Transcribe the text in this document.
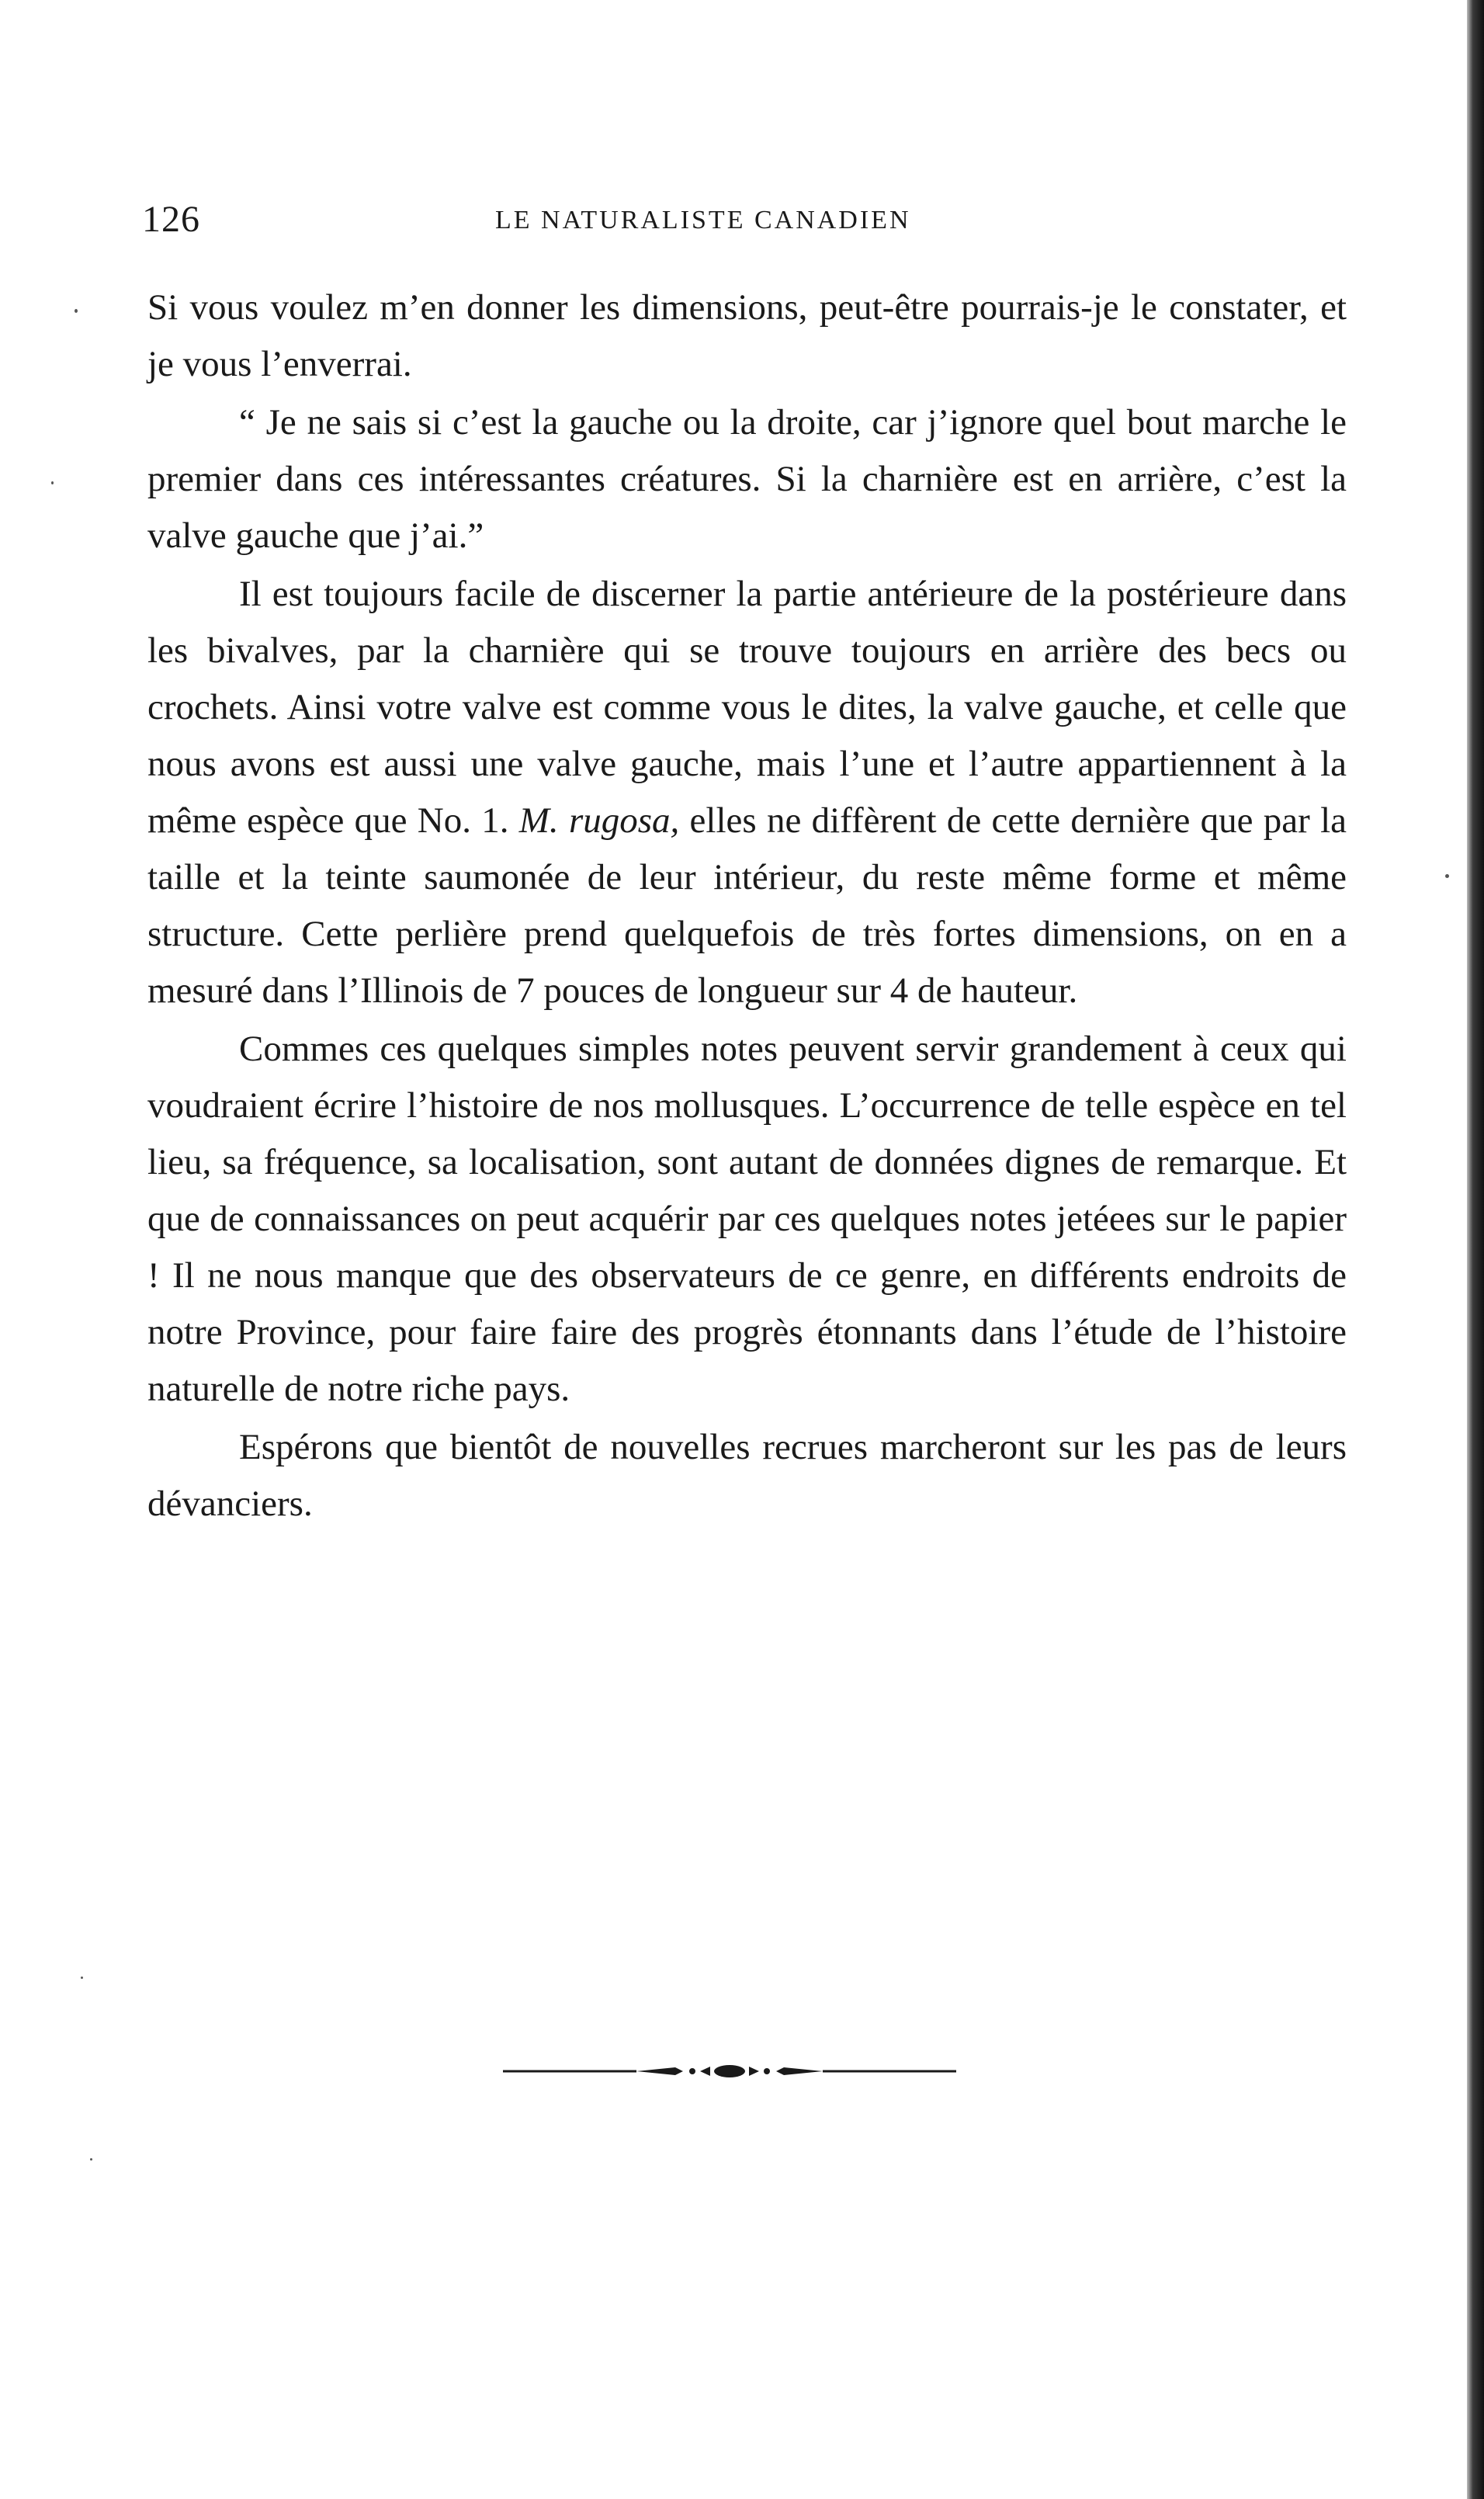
126	LE NATURALISTE CANADIEN

Si vous voulez m’en donner les dimensions, peut-être pourrais-je le constater, et je vous l’enverrai.

“ Je ne sais si c’est la gauche ou la droite, car j’ignore quel bout marche le premier dans ces intéressantes créatures. Si la charnière est en arrière, c’est la valve gauche que j’ai.”

Il est toujours facile de discerner la partie antérieure de la postérieure dans les bivalves, par la charnière qui se trouve toujours en arrière des becs ou crochets. Ainsi votre valve est comme vous le dites, la valve gauche, et celle que nous avons est aussi une valve gauche, mais l’une et l’autre appartiennent à la même espèce que No. 1. M. rugosa, elles ne diffèrent de cette dernière que par la taille et la teinte saumonée de leur intérieur, du reste même forme et même structure. Cette perlière prend quelquefois de très fortes dimensions, on en a mesuré dans l’Illinois de 7 pouces de longueur sur 4 de hauteur.

Commes ces quelques simples notes peuvent servir grandement à ceux qui voudraient écrire l’histoire de nos mollusques. L’occurrence de telle espèce en tel lieu, sa fréquence, sa localisation, sont autant de données dignes de remarque. Et que de connaissances on peut acquérir par ces quelques notes jetéees sur le papier ! Il ne nous manque que des observateurs de ce genre, en différents endroits de notre Province, pour faire faire des progrès étonnants dans l’étude de l’histoire naturelle de notre riche pays.

Espérons que bientôt de nouvelles recrues marcheront sur les pas de leurs dévanciers.
